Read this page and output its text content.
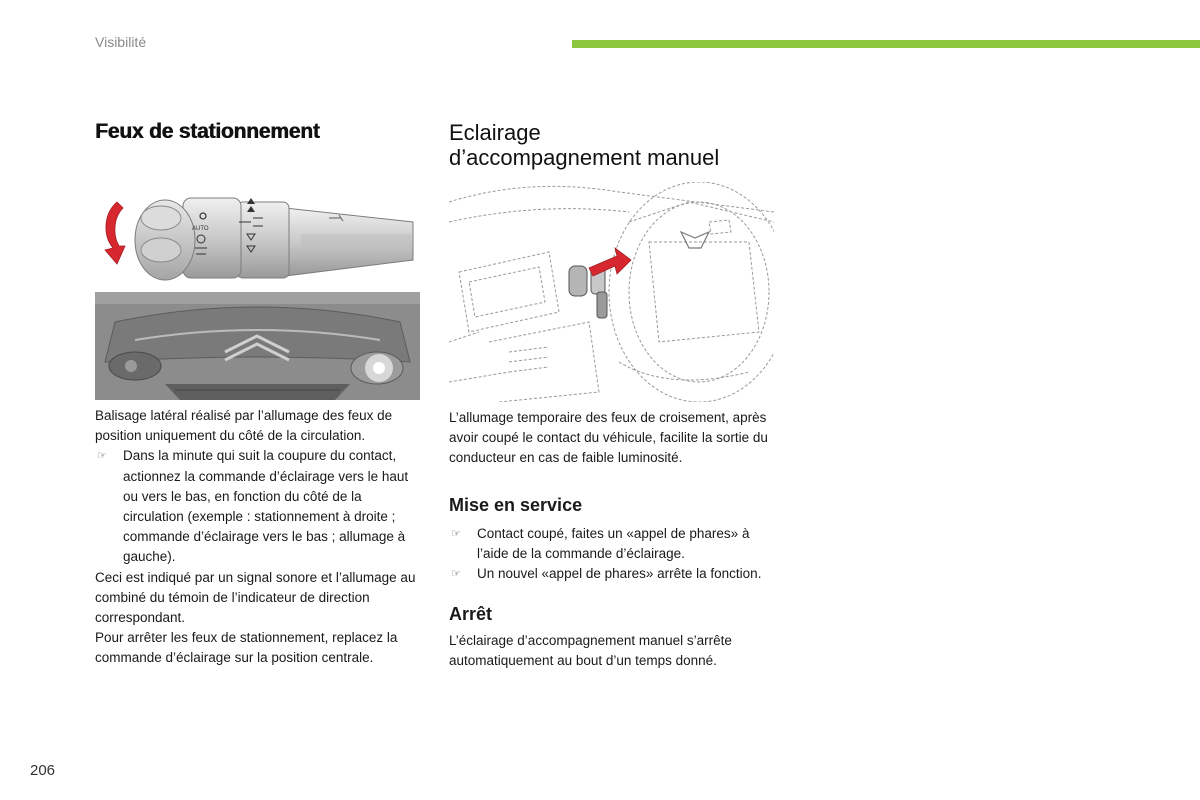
Visibilité
Feux de stationnement
AUTO

Balisage latéral réalisé par l’allumage des feux de position uniquement du côté de la circulation.

☞ Dans la minute qui suit la coupure du contact, actionnez la commande d’éclairage vers le haut ou vers le bas, en fonction du côté de la circulation (exemple : stationnement à droite ; commande d’éclairage vers le bas ; allumage à gauche).

Ceci est indiqué par un signal sonore et l’allumage au combiné du témoin de l’indicateur de direction correspondant.

Pour arrêter les feux de stationnement, replacez la commande d’éclairage sur la position centrale.

Eclairage
d’accompagnement manuel

L’allumage temporaire des feux de croisement, après avoir coupé le contact du véhicule, facilite la sortie du conducteur en cas de faible luminosité.

Mise en service
☞ Contact coupé, faites un «appel de phares» à l’aide de la commande d’éclairage.
☞ Un nouvel «appel de phares» arrête la fonction.
Arrêt

L’éclairage d’accompagnement manuel s’arrête automatiquement au bout d’un temps donné.

206
